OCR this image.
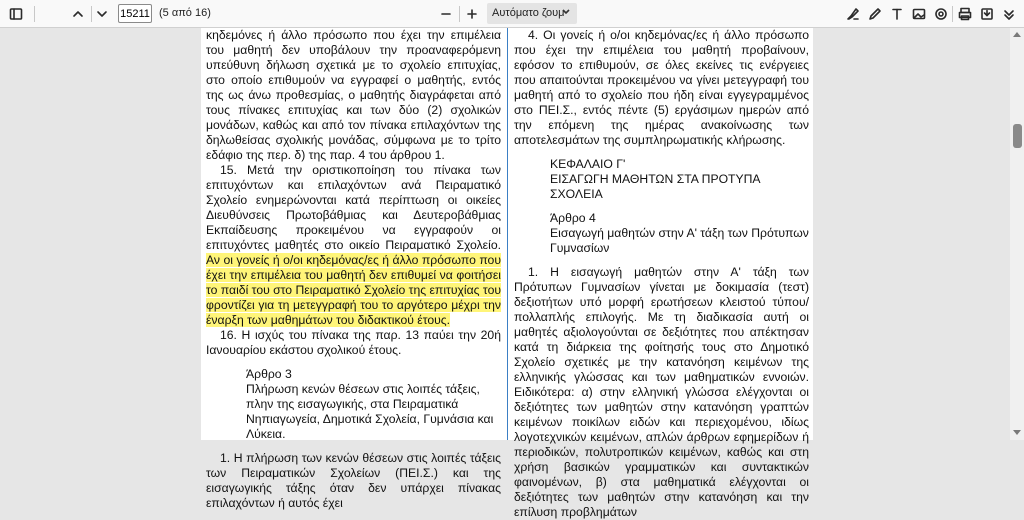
15211
(5 από 16)	Αυτόματο ζουμ

κηδεμόνες ή άλλο πρόσωπο που έχει την επιμέλεια του μαθητή δεν υποβάλουν την προαναφερόμενη υπεύθυνη δήλωση σχετικά με το σχολείο επιτυχίας, στο οποίο επιθυμούν να εγγραφεί ο μαθητής, εντός της ως άνω προθεσμίας, ο μαθητής διαγράφεται από τους πίνακες επιτυχίας και των δύο (2) σχολικών μονάδων, καθώς και από τον πίνακα επιλαχόντων της δηλωθείσας σχολικής μονάδας, σύμφωνα με το τρίτο εδάφιο της περ. δ) της παρ. 4 του άρθρου 1.

15. Μετά την οριστικοποίηση του πίνακα των επιτυχόντων και επιλαχόντων ανά Πειραματικό Σχολείο ενημερώνονται κατά περίπτωση οι οικείες Διευθύνσεις Πρωτοβάθμιας και Δευτεροβάθμιας Εκπαίδευσης προκειμένου να εγγραφούν οι επιτυχόντες μαθητές στο οικείο Πειραματικό Σχολείο. Αν οι γονείς ή ο/οι κηδεμόνας/ες ή άλλο πρόσωπο που έχει την επιμέλεια του μαθητή δεν επιθυμεί να φοιτήσει το παιδί του στο Πειραματικό Σχολείο της επιτυχίας του φροντίζει για τη μετεγγραφή του το αργότερο μέχρι την έναρξη των μαθημάτων του διδακτικού έτους.

16. Η ισχύς του πίνακα της παρ. 13 παύει την 20ή Ιανουαρίου εκάστου σχολικού έτους.

Άρθρο 3

Πλήρωση κενών θέσεων στις λοιπές τάξεις, πλην της εισαγωγικής, στα Πειραματικά Νηπιαγωγεία, Δημοτικά Σχολεία, Γυμνάσια και Λύκεια.

1. Η πλήρωση των κενών θέσεων στις λοιπές τάξεις των Πειραματικών Σχολείων (ΠΕΙ.Σ.) και της εισαγωγικής τάξης όταν δεν υπάρχει πίνακας επιλαχόντων ή αυτός έχει

4. Οι γονείς ή ο/οι κηδεμόνας/ες ή άλλο πρόσωπο που έχει την επιμέλεια του μαθητή προβαίνουν, εφόσον το επιθυμούν, σε όλες εκείνες τις ενέργειες που απαιτούνται προκειμένου να γίνει μετεγγραφή του μαθητή από το σχολείο που ήδη είναι εγγεγραμμένος στο ΠΕΙ.Σ., εντός πέντε (5) εργάσιμων ημερών από την επόμενη της ημέρας ανακοίνωσης των αποτελεσμάτων της συμπληρωματικής κλήρωσης.

ΚΕΦΑΛΑΙΟ Γ'

ΕΙΣΑΓΩΓΗ ΜΑΘΗΤΩΝ ΣΤΑ ΠΡΟΤΥΠΑ ΣΧΟΛΕΙΑ

Άρθρο 4

Εισαγωγή μαθητών στην Α' τάξη των Πρότυπων Γυμνασίων

1. Η εισαγωγή μαθητών στην Α' τάξη των Πρότυπων Γυμνασίων γίνεται με δοκιμασία (τεστ) δεξιοτήτων υπό μορφή ερωτήσεων κλειστού τύπου/πολλαπλής επιλογής. Με τη διαδικασία αυτή οι μαθητές αξιολογούνται σε δεξιότητες που απέκτησαν κατά τη διάρκεια της φοίτησής τους στο Δημοτικό Σχολείο σχετικές με την κατανόηση κειμένων της ελληνικής γλώσσας και των μαθηματικών εννοιών. Ειδικότερα: α) στην ελληνική γλώσσα ελέγχονται οι δεξιότητες των μαθητών στην κατανόηση γραπτών κειμένων ποικίλων ειδών και περιεχομένου, ιδίως λογοτεχνικών κειμένων, απλών άρθρων εφημερίδων ή περιοδικών, πολυτροπικών κειμένων, καθώς και στη χρήση βασικών γραμματικών και συντακτικών φαινομένων, β) στα μαθηματικά ελέγχονται οι δεξιότητες των μαθητών στην κατανόηση και την επίλυση προβλημάτων
